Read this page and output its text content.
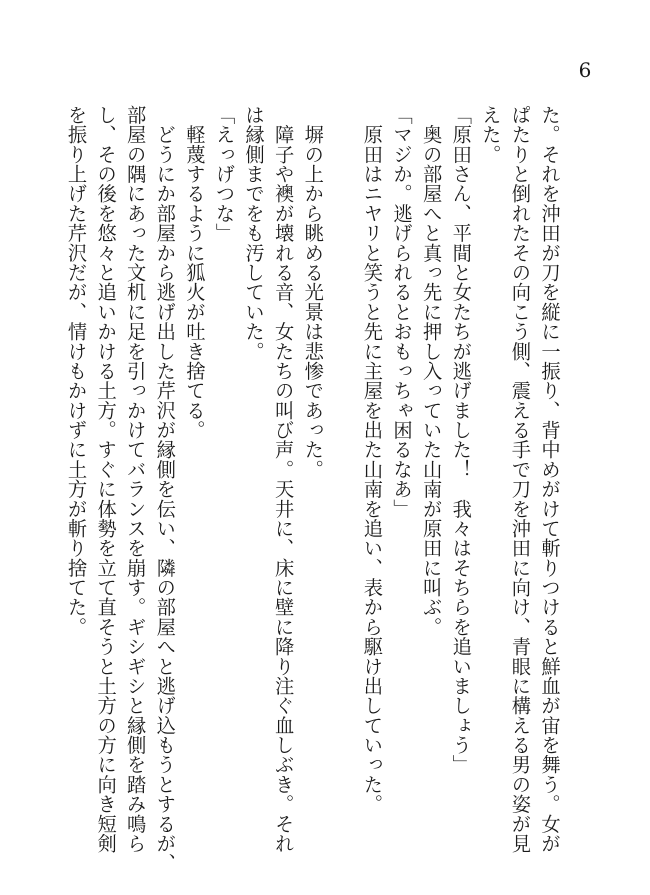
6

た。それを沖田が刀を縦に一振り、背中めがけて斬りつけると鮮血が宙を舞う。女が

ぱたりと倒れたその向こう側、震える手で刀を沖田に向け、青眼に構える男の姿が見

えた。

「原田さん、平間と女たちが逃げました！　我々はそちらを追いましょう」

　奥の部屋へと真っ先に押し入っていた山南が原田に叫ぶ。

「マジか。逃げられるとおもっちゃ困るなあ」

　原田はニヤリと笑うと先に主屋を出た山南を追い、表から駆け出していった。

　塀の上から眺める光景は悲惨であった。

　障子や襖が壊れる音、女たちの叫び声。天井に、床に壁に降り注ぐ血しぶき。それ

は縁側までをも汚していた。

「えっげつな」

　軽蔑するように狐火が吐き捨てる。

　どうにか部屋から逃げ出した芹沢が縁側を伝い、隣の部屋へと逃げ込もうとするが、

部屋の隅にあった文机に足を引っかけてバランスを崩す。ギシギシと縁側を踏み鳴ら

し、その後を悠々と追いかける土方。すぐに体勢を立て直そうと土方の方に向き短剣

を振り上げた芹沢だが、情けもかけずに土方が斬り捨てた。
